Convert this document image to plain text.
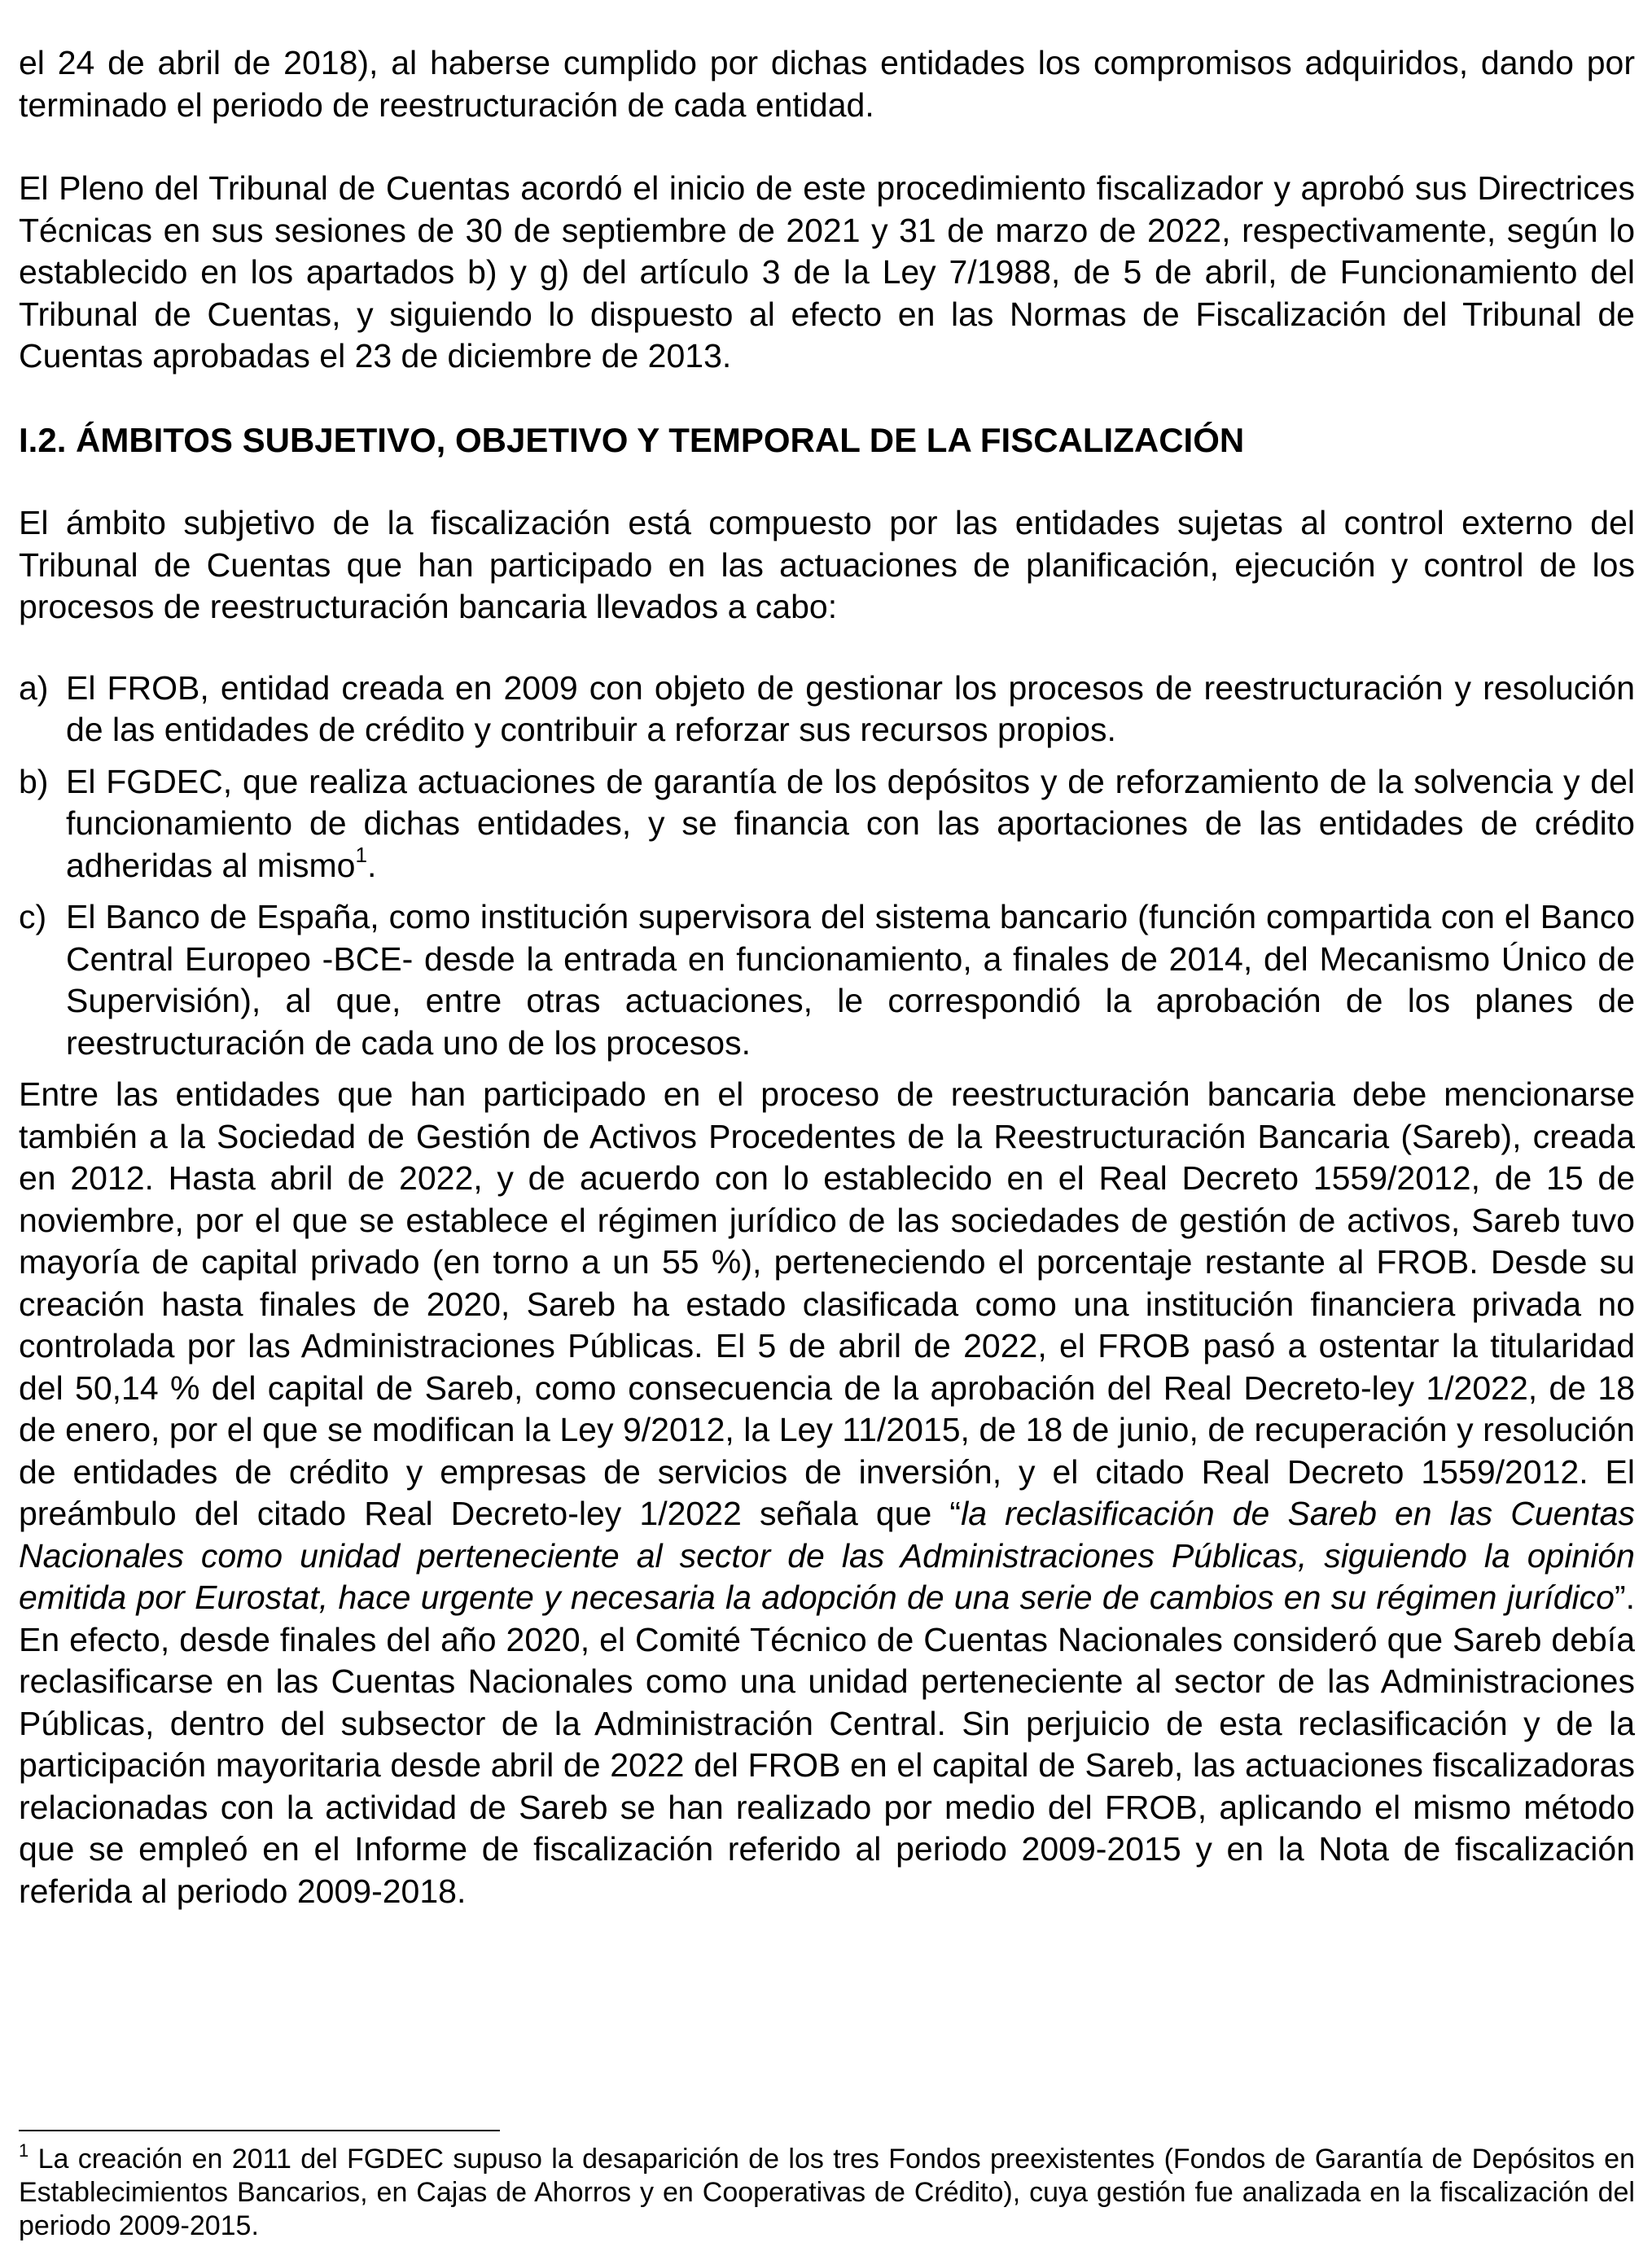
el 24 de abril de 2018), al haberse cumplido por dichas entidades los compromisos adquiridos, dando por terminado el periodo de reestructuración de cada entidad.

El Pleno del Tribunal de Cuentas acordó el inicio de este procedimiento fiscalizador y aprobó sus Directrices Técnicas en sus sesiones de 30 de septiembre de 2021 y 31 de marzo de 2022, respectivamente, según lo establecido en los apartados b) y g) del artículo 3 de la Ley 7/1988, de 5 de abril, de Funcionamiento del Tribunal de Cuentas, y siguiendo lo dispuesto al efecto en las Normas de Fiscalización del Tribunal de Cuentas aprobadas el 23 de diciembre de 2013.

I.2. ÁMBITOS SUBJETIVO, OBJETIVO Y TEMPORAL DE LA FISCALIZACIÓN

El ámbito subjetivo de la fiscalización está compuesto por las entidades sujetas al control externo del Tribunal de Cuentas que han participado en las actuaciones de planificación, ejecución y control de los procesos de reestructuración bancaria llevados a cabo:

a) El FROB, entidad creada en 2009 con objeto de gestionar los procesos de reestructuración y resolución de las entidades de crédito y contribuir a reforzar sus recursos propios.
b) El FGDEC, que realiza actuaciones de garantía de los depósitos y de reforzamiento de la solvencia y del funcionamiento de dichas entidades, y se financia con las aportaciones de las entidades de crédito adheridas al mismo$^1$.
c) El Banco de España, como institución supervisora del sistema bancario (función compartida con el Banco Central Europeo -BCE- desde la entrada en funcionamiento, a finales de 2014, del Mecanismo Único de Supervisión), al que, entre otras actuaciones, le correspondió la aprobación de los planes de reestructuración de cada uno de los procesos.

Entre las entidades que han participado en el proceso de reestructuración bancaria debe mencionarse también a la Sociedad de Gestión de Activos Procedentes de la Reestructuración Bancaria (Sareb), creada en 2012. Hasta abril de 2022, y de acuerdo con lo establecido en el Real Decreto 1559/2012, de 15 de noviembre, por el que se establece el régimen jurídico de las sociedades de gestión de activos, Sareb tuvo mayoría de capital privado (en torno a un 55 %), perteneciendo el porcentaje restante al FROB. Desde su creación hasta finales de 2020, Sareb ha estado clasificada como una institución financiera privada no controlada por las Administraciones Públicas. El 5 de abril de 2022, el FROB pasó a ostentar la titularidad del 50,14 % del capital de Sareb, como consecuencia de la aprobación del Real Decreto-ley 1/2022, de 18 de enero, por el que se modifican la Ley 9/2012, la Ley 11/2015, de 18 de junio, de recuperación y resolución de entidades de crédito y empresas de servicios de inversión, y el citado Real Decreto 1559/2012. El preámbulo del citado Real Decreto-ley 1/2022 señala que “la reclasificación de Sareb en las Cuentas Nacionales como unidad perteneciente al sector de las Administraciones Públicas, siguiendo la opinión emitida por Eurostat, hace urgente y necesaria la adopción de una serie de cambios en su régimen jurídico”. En efecto, desde finales del año 2020, el Comité Técnico de Cuentas Nacionales consideró que Sareb debía reclasificarse en las Cuentas Nacionales como una unidad perteneciente al sector de las Administraciones Públicas, dentro del subsector de la Administración Central. Sin perjuicio de esta reclasificación y de la participación mayoritaria desde abril de 2022 del FROB en el capital de Sareb, las actuaciones fiscalizadoras relacionadas con la actividad de Sareb se han realizado por medio del FROB, aplicando el mismo método que se empleó en el Informe de fiscalización referido al periodo 2009-2015 y en la Nota de fiscalización referida al periodo 2009-2018.

$^1$ La creación en 2011 del FGDEC supuso la desaparición de los tres Fondos preexistentes (Fondos de Garantía de Depósitos en Establecimientos Bancarios, en Cajas de Ahorros y en Cooperativas de Crédito), cuya gestión fue analizada en la fiscalización del periodo 2009-2015.
